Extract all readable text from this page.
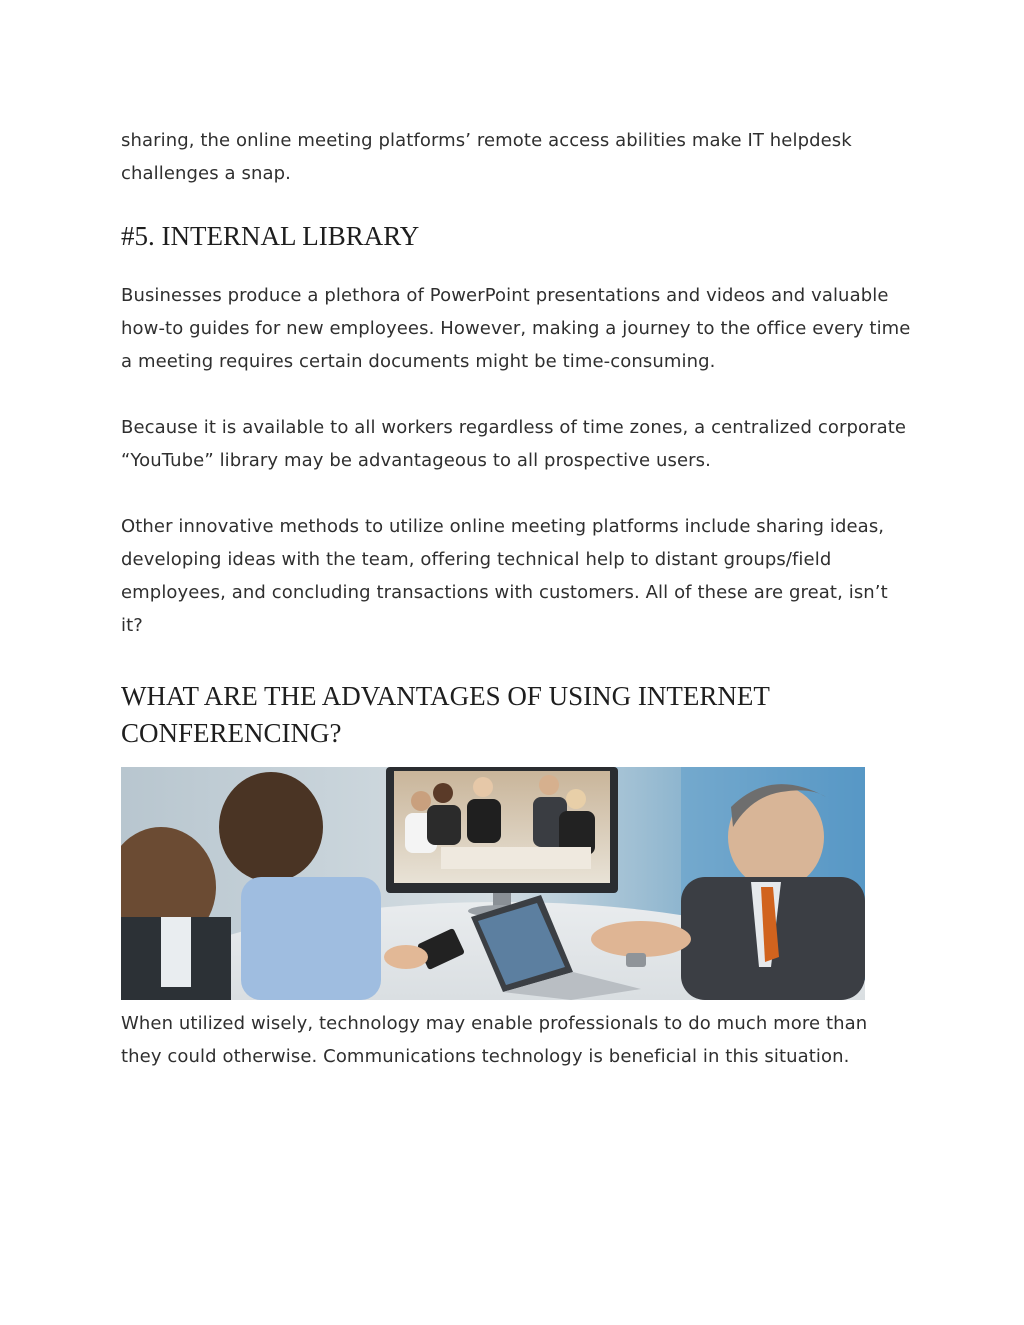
sharing, the online meeting platforms’ remote access abilities make IT helpdesk challenges a snap.

#5. INTERNAL LIBRARY

Businesses produce a plethora of PowerPoint presentations and videos and valuable how-to guides for new employees. However, making a journey to the office every time a meeting requires certain documents might be time-consuming.

Because it is available to all workers regardless of time zones, a centralized corporate “YouTube” library may be advantageous to all prospective users.

Other innovative methods to utilize online meeting platforms include sharing ideas, developing ideas with the team, offering technical help to distant groups/field employees, and concluding transactions with customers. All of these are great, isn’t it?

WHAT ARE THE ADVANTAGES OF USING INTERNET CONFERENCING?

When utilized wisely, technology may enable professionals to do much more than they could otherwise. Communications technology is beneficial in this situation.
